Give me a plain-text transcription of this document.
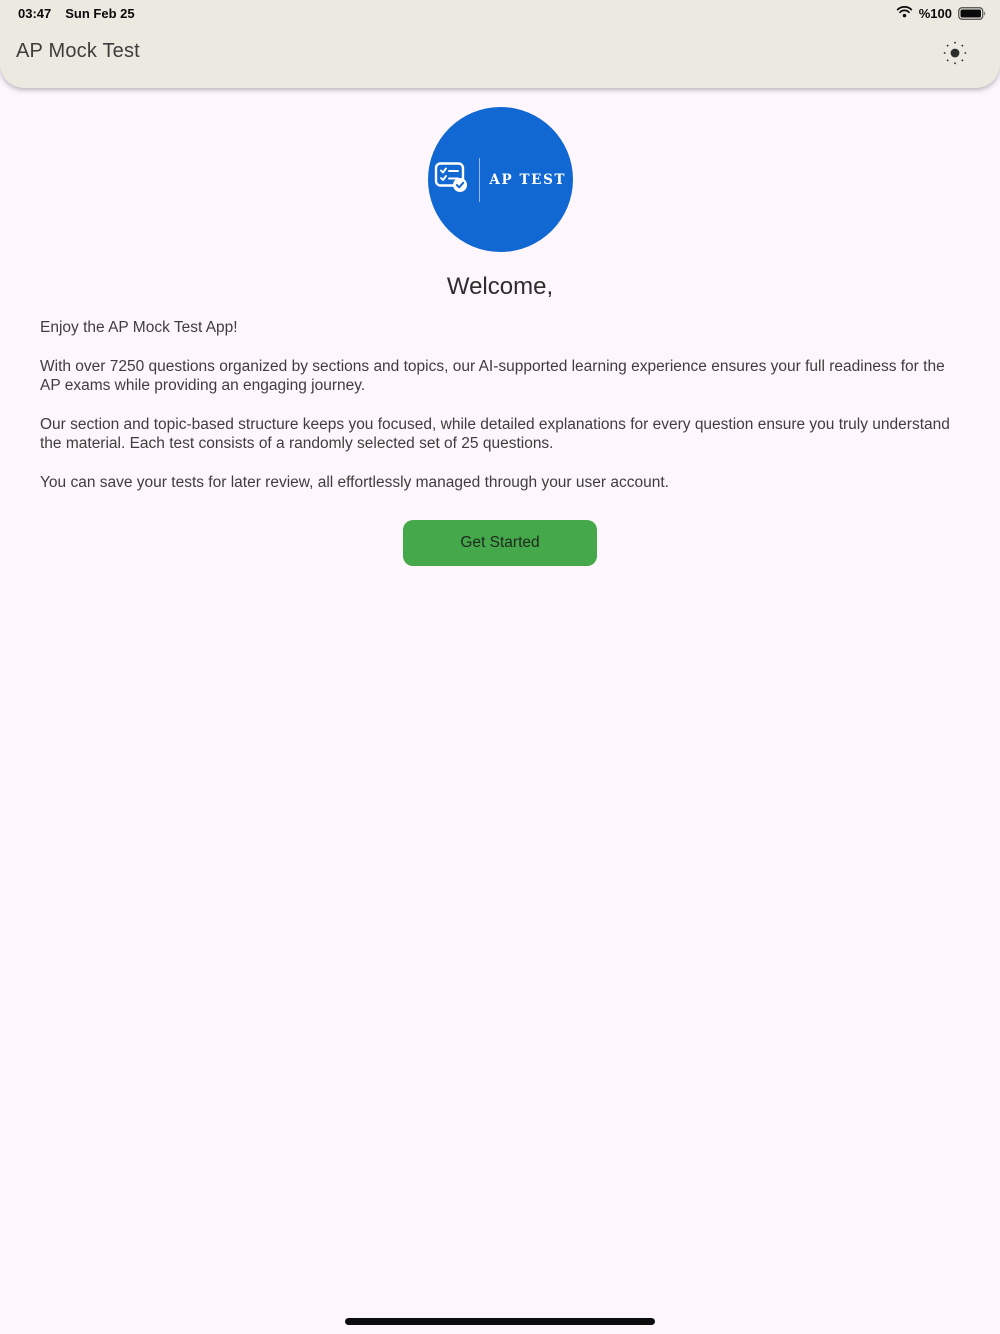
03:47 Sun Feb 25	%100
AP Mock Test
AP TEST
Welcome,

Enjoy the AP Mock Test App!

With over 7250 questions organized by sections and topics, our AI-supported learning experience ensures your full readiness for the AP exams while providing an engaging journey.

Our section and topic-based structure keeps you focused, while detailed explanations for every question ensure you truly understand the material. Each test consists of a randomly selected set of 25 questions.

You can save your tests for later review, all effortlessly managed through your user account.

Get Started
